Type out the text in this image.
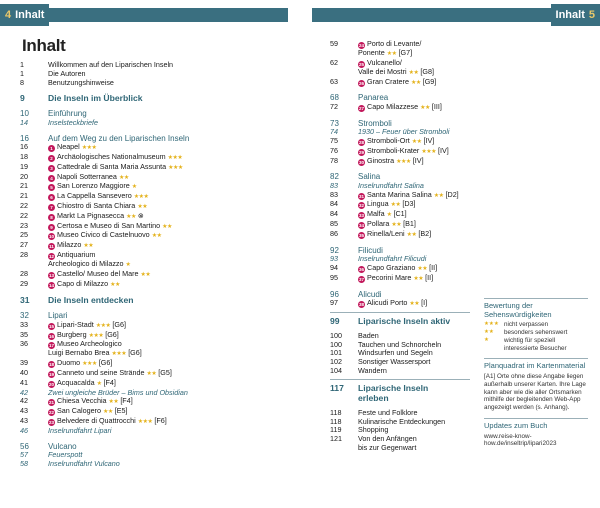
4 Inhalt	Inhalt 5
Inhalt
1	Willkommen auf den Liparischen Inseln
1	Die Autoren
8	Benutzungshinweise
9	Die Inseln im Überblick
10	Einführung
14	Inselsteckbriefe
16	Auf dem Weg zu den Liparischen Inseln
16	1 Neapel ★★★
18	2 Archäologisches Nationalmuseum ★★★
19	3 Cattedrale di Santa Maria Assunta ★★★
20	4 Napoli Sotterranea ★★
21	5 San Lorenzo Maggiore ★
21	6 La Cappella Sansevero ★★★
22	7 Chiostro di Santa Chiara ★★
22	8 Markt La Pignasecca ★★ ⊗
23	9 Certosa e Museo di San Martino ★★
25	10 Museo Civico di Castelnuovo ★★
27	11 Milazzo ★★
28	12 Antiquarium
Archeologico di Milazzo ★
28	13 Castello/ Museo del Mare ★★
29	14 Capo di Milazzo ★★
31	Die Inseln entdecken
32	Lipari
33	15 Lipari-Stadt ★★★ [G6]
35	16 Burgberg ★★★ [G6]
36	17 Museo Archeologico
Luigi Bernabo Brea ★★★ [G6]
39	18 Duomo ★★★ [G6]
40	19 Canneto und seine Strände ★★ [G5]
41	20 Acquacalda ★ [F4]
42	Zwei ungleiche Brüder – Bims und Obsidian
42	21 Chiesa Vecchia ★★ [F4]
43	22 San Calogero ★★ [E5]
43	23 Belvedere di Quattrocchi ★★★ [F6]
46	Inselrundfahrt Lipari
56	Vulcano
57	Feuerspott
58	Inselrundfahrt Vulcano
59	24 Porto di Levante/
Ponente ★★ [G7]
62	25 Vulcanello/
Valle dei Mostri ★★ [G8]
63	26 Gran Cratere ★★ [G9]
68	Panarea
72	27 Capo Milazzese ★★ [III]
73	Stromboli
74	1930 – Feuer über Stromboli
75	28 Stromboli-Ort ★★ [IV]
76	29 Stromboli-Krater ★★★ [IV]
78	30 Ginostra ★★★ [IV]
82	Salina
83	Inselrundfahrt Salina
83	31 Santa Marina Salina ★★ [D2]
84	32 Lingua ★★ [D3]
84	33 Malfa ★ [C1]
85	34 Pollara ★★ [B1]
86	35 Rinella/Leni ★★ [B2]
92	Filicudi
93	Inselrundfahrt Filicudi
94	36 Capo Graziano ★★ [II]
95	37 Pecorini Mare ★★ [II]
96	Alicudi
97	38 Alicudi Porto ★★ [I]
99	Liparische Inseln aktiv
100	Baden
100	Tauchen und Schnorcheln
101	Windsurfen und Segeln
102	Sonstiger Wassersport
104	Wandern
117	Liparische Inseln
erleben
118	Feste und Folklore
118	Kulinarische Entdeckungen
119	Shopping
121	Von den Anfängen
bis zur Gegenwart
Bewertung der Sehenswürdigkeiten
★★★ nicht verpassen
★★	besonders sehenswert
★	wichtig für speziell interessierte Besucher
Planquadrat im Kartenmaterial
[A1] Orte ohne diese Angabe liegen außerhalb unserer Karten. Ihre Lage kann aber wie die aller Ortsmarken mithilfe der begleitenden Web-App angezeigt werden (s. Anhang).
Updates zum Buch
www.reise-know-how.de/inseltrip/lipari2023
